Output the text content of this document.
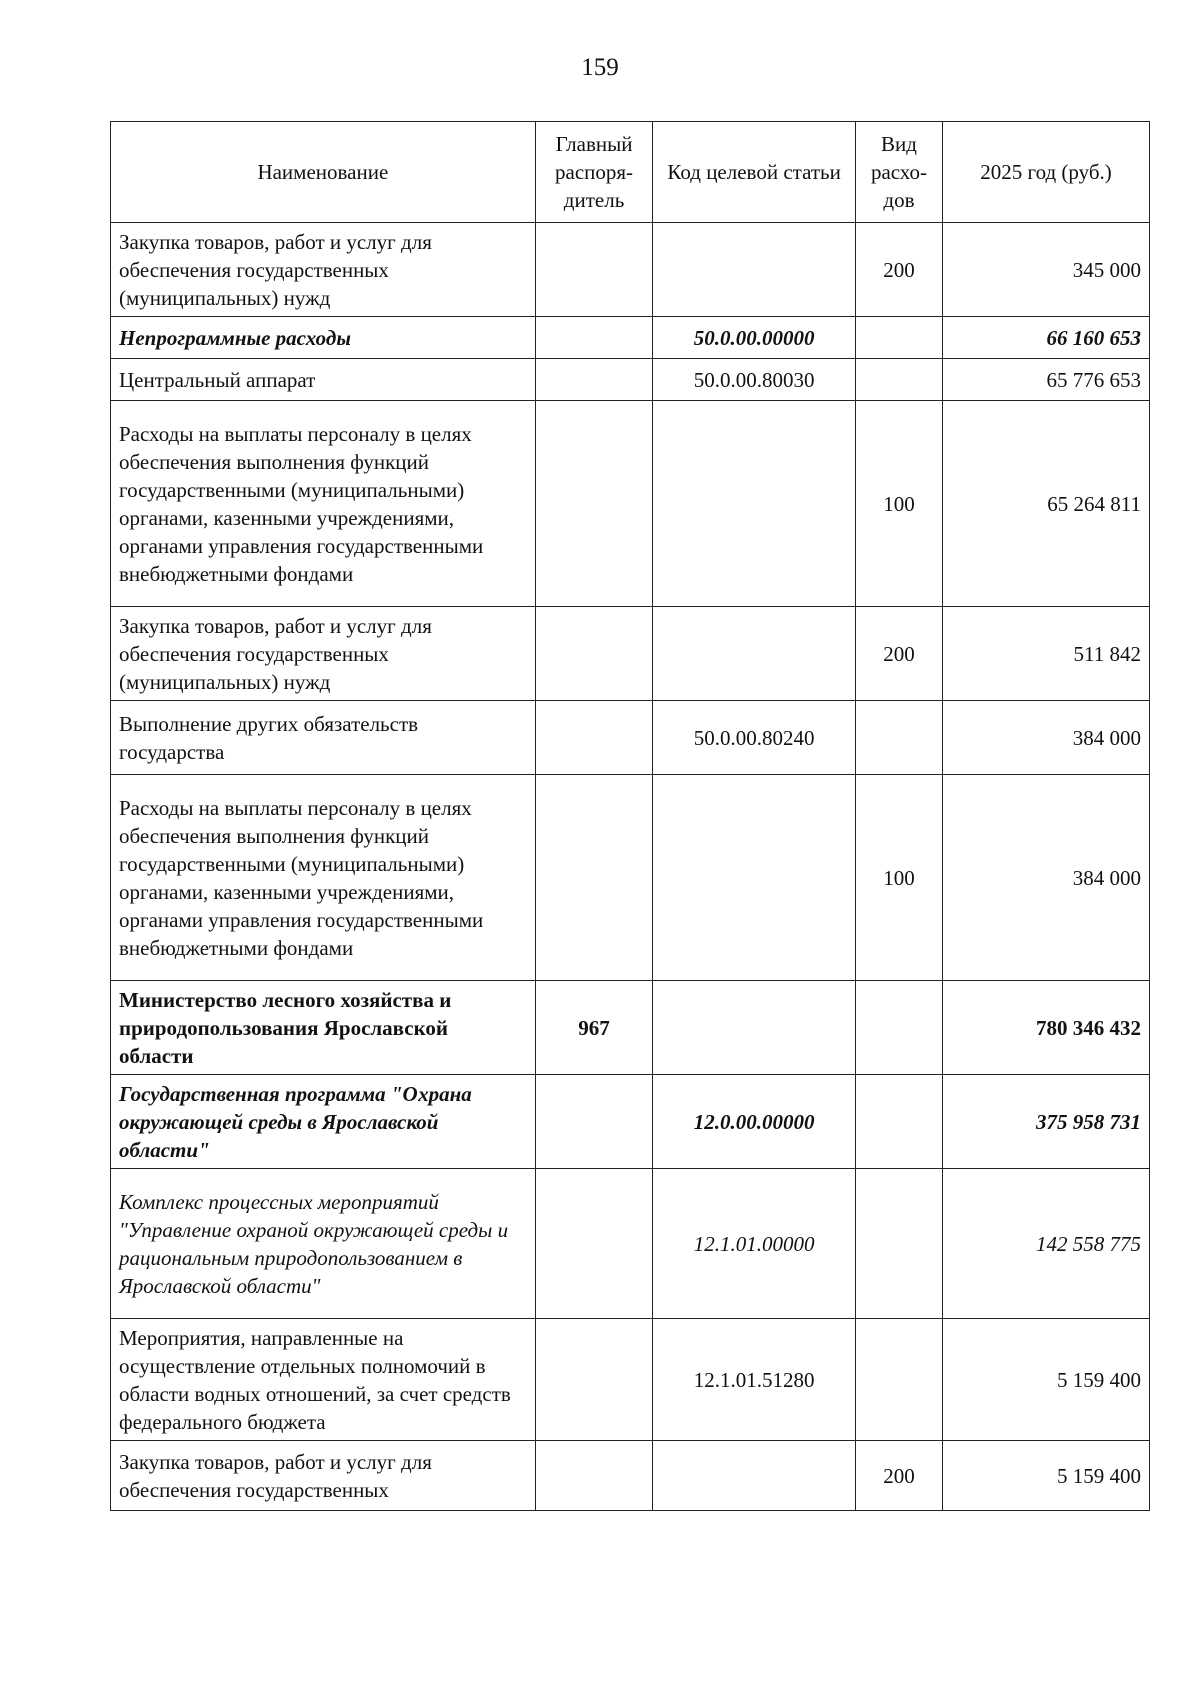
159
Наименование	Главный распоря-дитель	Код целевой статьи	Вид расхо-дов	2025 год (руб.)
Закупка товаров, работ и услуг для обеспечения государственных (муниципальных) нужд			200	345 000
Непрограммные расходы		50.0.00.00000		66 160 653
Центральный аппарат		50.0.00.80030		65 776 653
Расходы на выплаты персоналу в целях обеспечения выполнения функций государственными (муниципальными) органами, казенными учреждениями, органами управления государственными внебюджетными фондами			100	65 264 811
Закупка товаров, работ и услуг для обеспечения государственных (муниципальных) нужд			200	511 842
Выполнение других обязательств государства		50.0.00.80240		384 000
Расходы на выплаты персоналу в целях обеспечения выполнения функций государственными (муниципальными) органами, казенными учреждениями, органами управления государственными внебюджетными фондами			100	384 000
Министерство лесного хозяйства и природопользования Ярославской области	967			780 346 432
Государственная программа "Охрана окружающей среды в Ярославской области"		12.0.00.00000		375 958 731
Комплекс процессных мероприятий "Управление охраной окружающей среды и рациональным природопользованием в Ярославской области"		12.1.01.00000		142 558 775
Мероприятия, направленные на осуществление отдельных полномочий в области водных отношений, за счет средств федерального бюджета		12.1.01.51280		5 159 400
Закупка товаров, работ и услуг для обеспечения государственных			200	5 159 400
